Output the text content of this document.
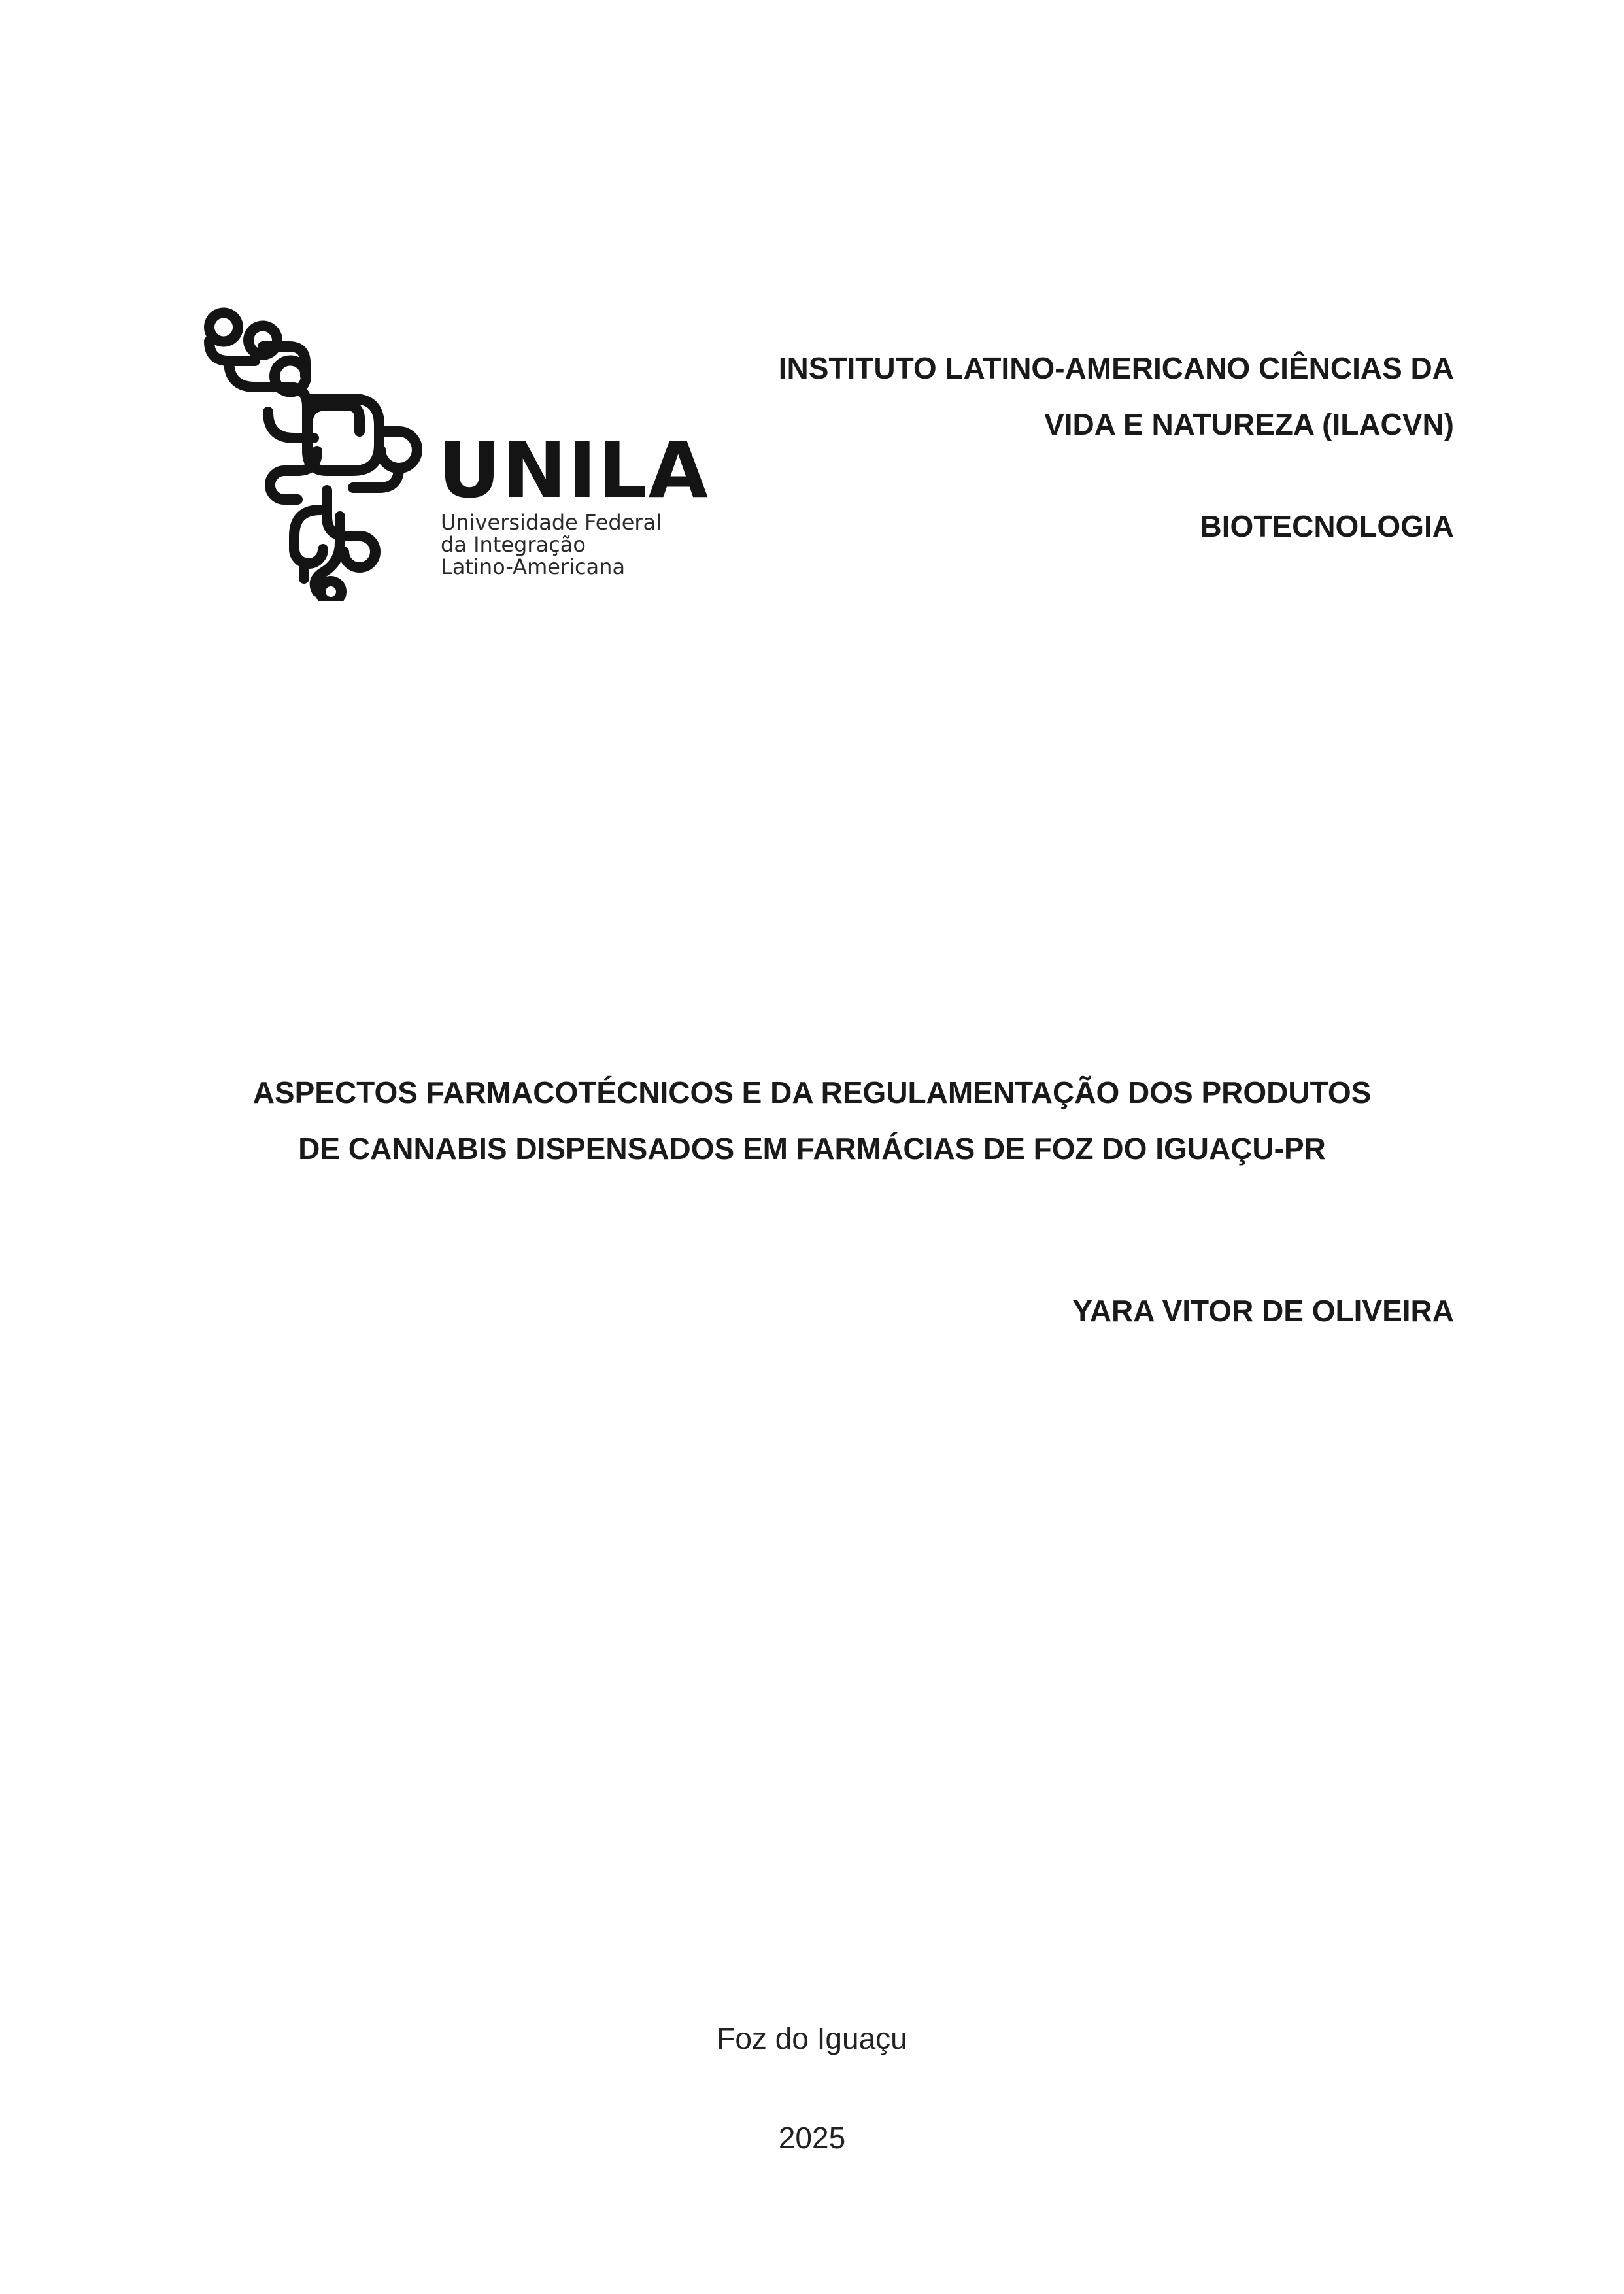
UNILA
Universidade Federal
da Integração
Latino-Americana
INSTITUTO LATINO-AMERICANO CIÊNCIAS DA
VIDA E NATUREZA (ILACVN)
BIOTECNOLOGIA
ASPECTOS FARMACOTÉCNICOS E DA REGULAMENTAÇÃO DOS PRODUTOS
DE CANNABIS DISPENSADOS EM FARMÁCIAS DE FOZ DO IGUAÇU-PR
YARA VITOR DE OLIVEIRA
Foz do Iguaçu
2025
